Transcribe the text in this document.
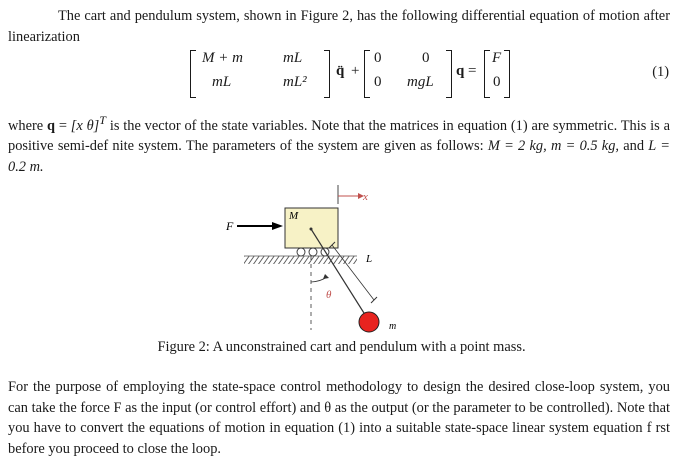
The cart and pendulum system, shown in Figure 2, has the following differential equation of motion after linearization

M + m	mL
mL	mL²
q̈ +
0	0
0 mgL
q =
F
0
(1)

where q = [x θ]$^T$ is the vector of the state variables. Note that the matrices in equation (1) are symmetric. This is a positive semi-def nite system. The parameters of the system are given as follows: M = 2 kg, m = 0.5 kg, and L = 0.2 m.

x
F
M
L
θ
m
Figure 2: A unconstrained cart and pendulum with a point mass.

For the purpose of employing the state-space control methodology to design the desired close-loop system, you can take the force F as the input (or control effort) and θ as the output (or the parameter to be controlled). Note that you have to convert the equations of motion in equation (1) into a suitable state-space linear system equation f rst before you proceed to close the loop.
